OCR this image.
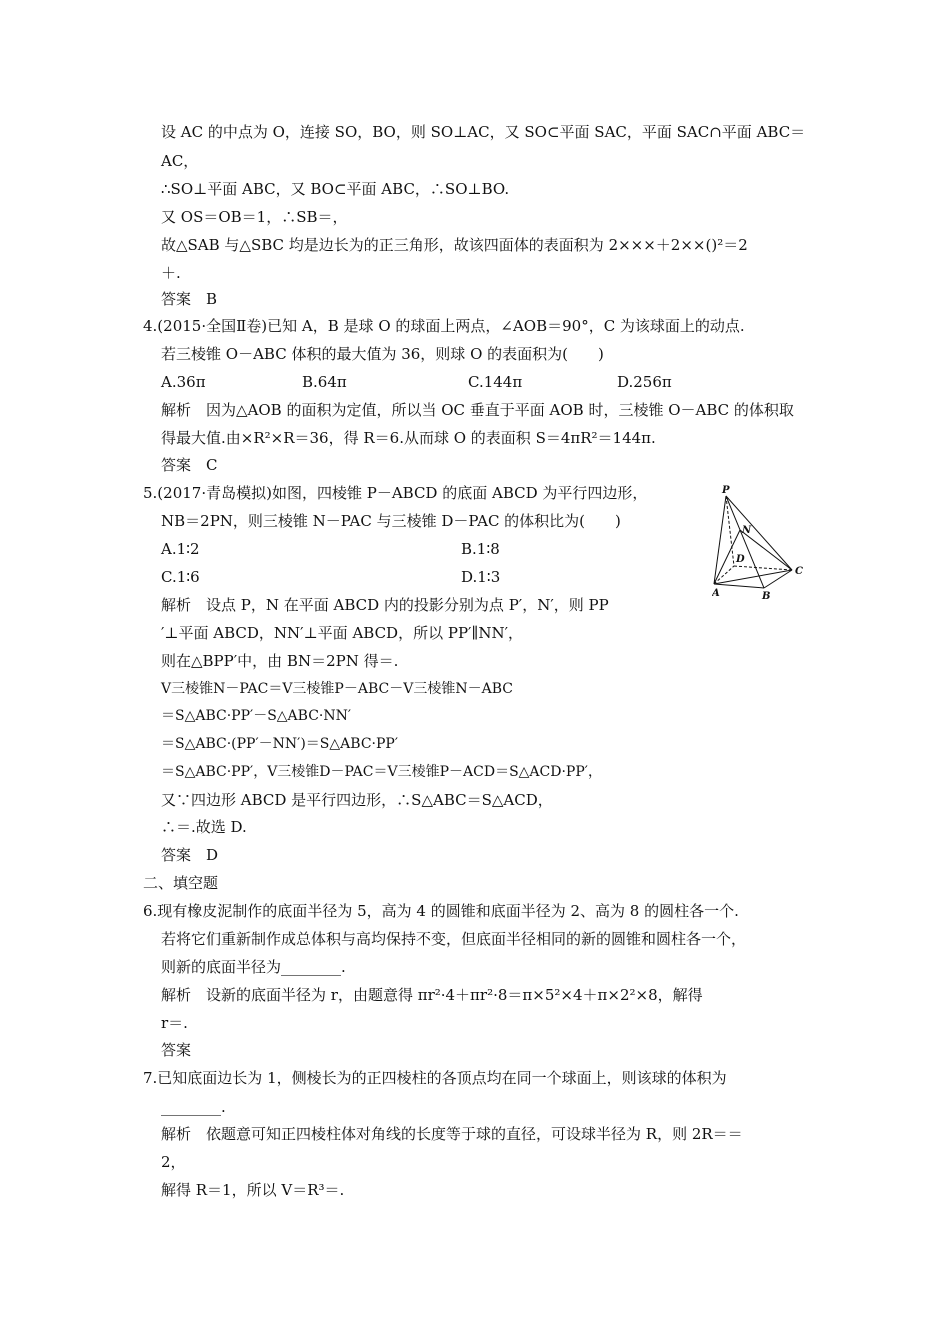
设 AC 的中点为 O，连接 SO，BO，则 SO⊥AC，又 SO⊂平面 SAC，平面 SAC∩平面 ABC＝

AC，

∴SO⊥平面 ABC，又 BO⊂平面 ABC，∴SO⊥BO.

又 OS＝OB＝1，∴SB＝，

故△SAB 与△SBC 均是边长为的正三角形，故该四面体的表面积为 2×××＋2××()²＝2

＋.

答案　B

4.(2015·全国Ⅱ卷)已知 A，B 是球 O 的球面上两点，∠AOB＝90°，C 为该球面上的动点.

若三棱锥 O－ABC 体积的最大值为 36，则球 O 的表面积为(　　)

A.36π	B.64π	C.144π	D.256π

解析　因为△AOB 的面积为定值，所以当 OC 垂直于平面 AOB 时，三棱锥 O－ABC 的体积取

得最大值.由×R²×R＝36，得 R＝6.从而球 O 的表面积 S＝4πR²＝144π.

答案　C

5.(2017·青岛模拟)如图，四棱锥 P－ABCD 的底面 ABCD 为平行四边形，

NB＝2PN，则三棱锥 N－PAC 与三棱锥 D－PAC 的体积比为(　　)

A.1∶2	B.1∶8

C.1∶6	D.1∶3

解析　设点 P，N 在平面 ABCD 内的投影分别为点 P′，N′，则 PP

′⊥平面 ABCD，NN′⊥平面 ABCD，所以 PP′∥NN′，

则在△BPP′中，由 BN＝2PN 得＝.

V三棱锥N－PAC＝V三棱锥P－ABC－V三棱锥N－ABC

＝S△ABC·PP′－S△ABC·NN′

＝S△ABC·(PP′－NN′)＝S△ABC·PP′

＝S△ABC·PP′，V三棱锥D－PAC＝V三棱锥P－ACD＝S△ACD·PP′，

又∵四边形 ABCD 是平行四边形，∴S△ABC＝S△ACD，

∴＝.故选 D.

答案　D

二、填空题

6.现有橡皮泥制作的底面半径为 5，高为 4 的圆锥和底面半径为 2、高为 8 的圆柱各一个.

若将它们重新制作成总体积与高均保持不变，但底面半径相同的新的圆锥和圆柱各一个，

则新的底面半径为________.

解析　设新的底面半径为 r，由题意得 πr²·4＋πr²·8＝π×5²×4＋π×2²×8，解得

r＝.

答案

7.已知底面边长为 1，侧棱长为的正四棱柱的各顶点均在同一个球面上，则该球的体积为

________.

解析　依题意可知正四棱柱体对角线的长度等于球的直径，可设球半径为 R，则 2R＝＝

2，

解得 R＝1，所以 V＝R³＝.

P
N
D
A	B
C
